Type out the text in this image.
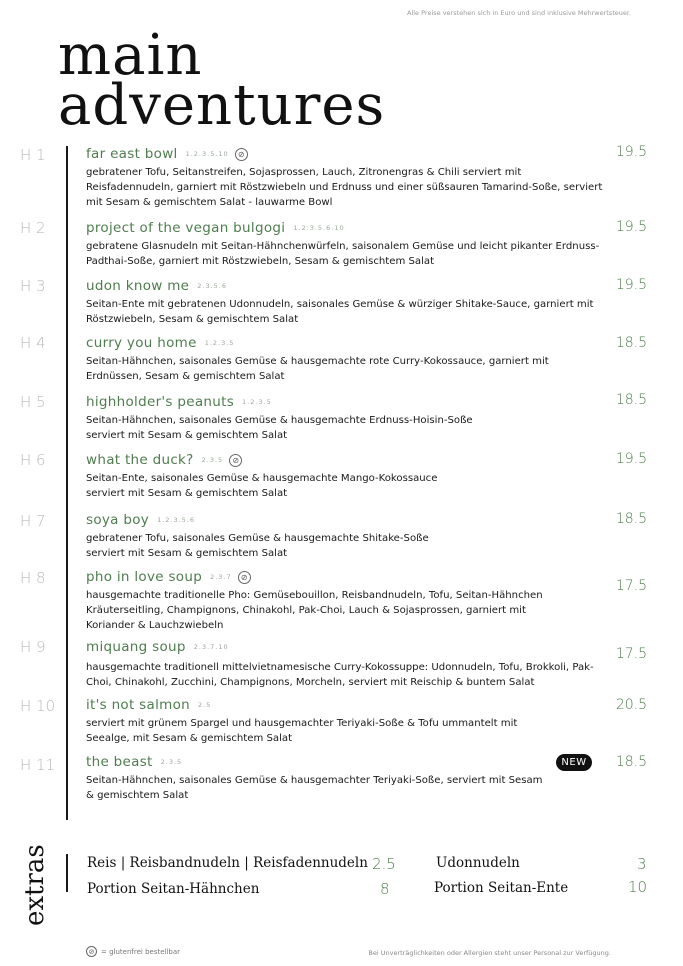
Alle Preise verstehen sich in Euro und sind inklusive Mehrwertsteuer.
main
adventures
H 1	far east bowl 1.2.3.5.10	⊘
gebratener Tofu, Seitanstreifen, Sojasprossen, Lauch, Zitronengras & Chili serviert mit Reisfadennudeln, garniert mit Röstzwiebeln und Erdnuss und einer süßsauren Tamarind-Soße, serviert mit Sesam & gemischtem Salat - lauwarme Bowl
19.5
H 2	project of the vegan bulgogi 1.2.3.5.6.10
gebratene Glasnudeln mit Seitan-Hähnchenwürfeln, saisonalem Gemüse und leicht pikanter Erdnuss-Padthai-Soße, garniert mit Röstzwiebeln, Sesam & gemischtem Salat
19.5
H 3	udon know me 2.3.5.6
Seitan-Ente mit gebratenen Udonnudeln, saisonales Gemüse & würziger Shitake-Sauce, garniert mit Röstzwiebeln, Sesam & gemischtem Salat
19.5
H 4	curry you home 1.2.3.5
Seitan-Hähnchen, saisonales Gemüse & hausgemachte rote Curry-Kokossauce, garniert mit Erdnüssen, Sesam & gemischtem Salat
18.5
H 5	highholder's peanuts 1.2.3.5
Seitan-Hähnchen, saisonales Gemüse & hausgemachte Erdnuss-Hoisin-Soße
serviert mit Sesam & gemischtem Salat
18.5
H 6	what the duck? 2.3.5	⊘
Seitan-Ente, saisonales Gemüse & hausgemachte Mango-Kokossauce
serviert mit Sesam & gemischtem Salat
19.5
H 7	soya boy 1.2.3.5.6
gebratener Tofu, saisonales Gemüse & hausgemachte Shitake-Soße
serviert mit Sesam & gemischtem Salat
18.5
H 8	pho in love soup 2.3.7	⊘
hausgemachte traditionelle Pho: Gemüsebouillon, Reisbandnudeln, Tofu, Seitan-Hähnchen
Kräuterseitling, Champignons, Chinakohl, Pak-Choi, Lauch & Sojasprossen, garniert mit
Koriander & Lauchzwiebeln
17.5
H 9	miquang soup 2.3.7.10
hausgemachte traditionell mittelvietnamesische Curry-Kokossuppe: Udonnudeln, Tofu, Brokkoli, Pak-Choi, Chinakohl, Zucchini, Champignons, Morcheln, serviert mit Reischip & buntem Salat
17.5
H 10 it's not salmon 2.5
serviert mit grünem Spargel und hausgemachter Teriyaki-Soße & Tofu ummantelt mit
Seealge, mit Sesam & gemischtem Salat
20.5
H 11 the beast 2.3.5
Seitan-Hähnchen, saisonales Gemüse & hausgemachter Teriyaki-Soße, serviert mit Sesam & gemischtem Salat
NEW	18.5
extras	Reis | Reisbandnudeln | Reisfadennudeln 2.5
Portion Seitan-Hähnchen	8
Udonnudeln	3
Portion Seitan-Ente	10
⊘ = glutenfrei bestellbar	Bei Unverträglichkeiten oder Allergien steht unser Personal zur Verfügung.
